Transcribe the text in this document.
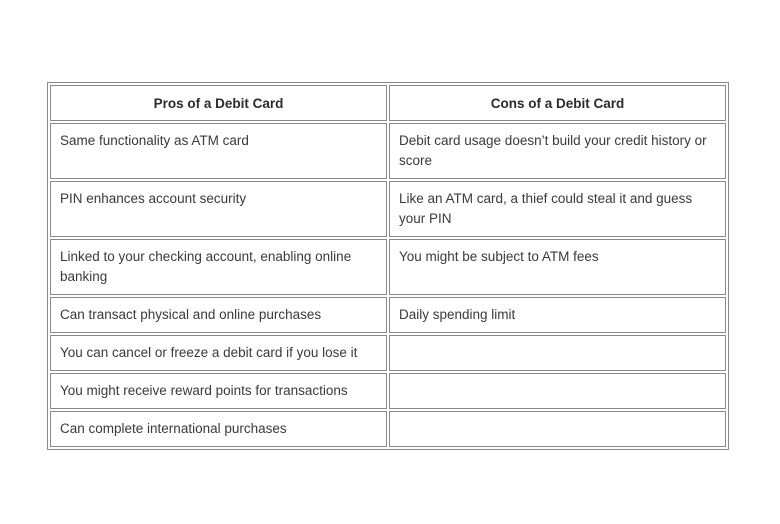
Pros of a Debit Card	Cons of a Debit Card
Same functionality as ATM card	Debit card usage doesn’t build your credit history or score
PIN enhances account security	Like an ATM card, a thief could steal it and guess your PIN
Linked to your checking account, enabling online banking	You might be subject to ATM fees
Can transact physical and online purchases	Daily spending limit
You can cancel or freeze a debit card if you lose it	
You might receive reward points for transactions	
Can complete international purchases	
